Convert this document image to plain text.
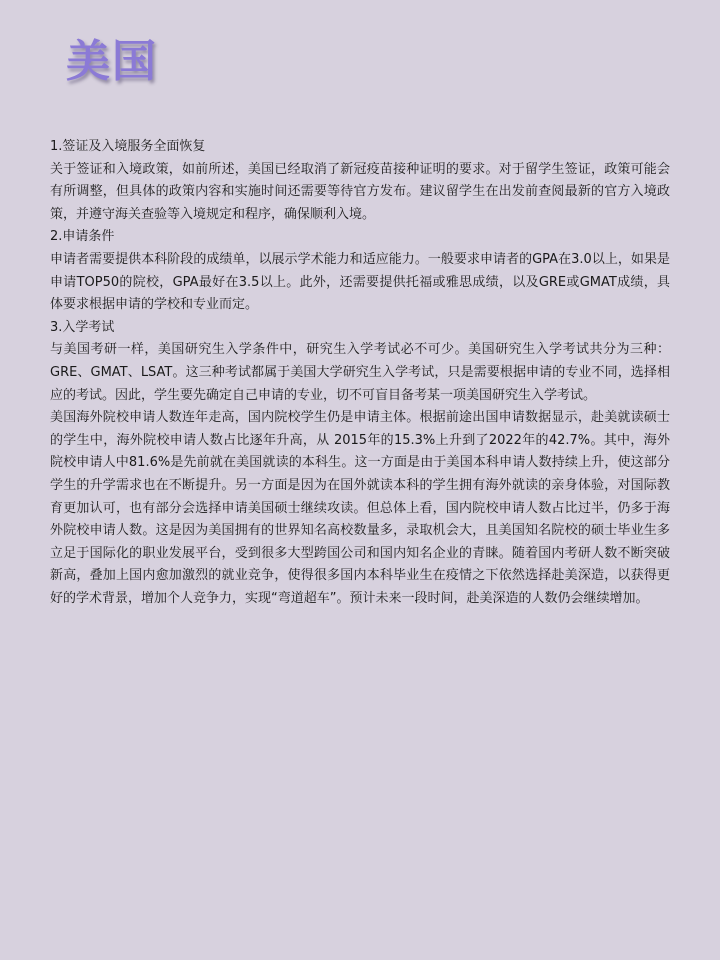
美国

1.签证及入境服务全面恢复

关于签证和入境政策，如前所述，美国已经取消了新冠疫苗接种证明的要求。对于留学生签证，政策可能会有所调整，但具体的政策内容和实施时间还需要等待官方发布。建议留学生在出发前查阅最新的官方入境政策，并遵守海关查验等入境规定和程序，确保顺利入境。

2.申请条件

申请者需要提供本科阶段的成绩单，以展示学术能力和适应能力。一般要求申请者的GPA在3.0以上，如果是申请TOP50的院校，GPA最好在3.5以上。此外，还需要提供托福或雅思成绩，以及GRE或GMAT成绩，具体要求根据申请的学校和专业而定。

3.入学考试

与美国考研一样，美国研究生入学条件中，研究生入学考试必不可少。美国研究生入学考试共分为三种：GRE、GMAT、LSAT。这三种考试都属于美国大学研究生入学考试，只是需要根据申请的专业不同，选择相应的考试。因此，学生要先确定自己申请的专业，切不可盲目备考某一项美国研究生入学考试。

美国海外院校申请人数连年走高，国内院校学生仍是申请主体。根据前途出国申请数据显示，赴美就读硕士的学生中，海外院校申请人数占比逐年升高，从 2015年的15.3%上升到了2022年的42.7%。其中，海外院校申请人中81.6%是先前就在美国就读的本科生。这一方面是由于美国本科申请人数持续上升，使这部分学生的升学需求也在不断提升。另一方面是因为在国外就读本科的学生拥有海外就读的亲身体验，对国际教育更加认可，也有部分会选择申请美国硕士继续攻读。但总体上看，国内院校申请人数占比过半，仍多于海外院校申请人数。这是因为美国拥有的世界知名高校数量多，录取机会大，且美国知名院校的硕士毕业生多立足于国际化的职业发展平台，受到很多大型跨国公司和国内知名企业的青睐。随着国内考研人数不断突破新高，叠加上国内愈加激烈的就业竞争，使得很多国内本科毕业生在疫情之下依然选择赴美深造，以获得更好的学术背景，增加个人竞争力，实现“弯道超车”。预计未来一段时间，赴美深造的人数仍会继续增加。
